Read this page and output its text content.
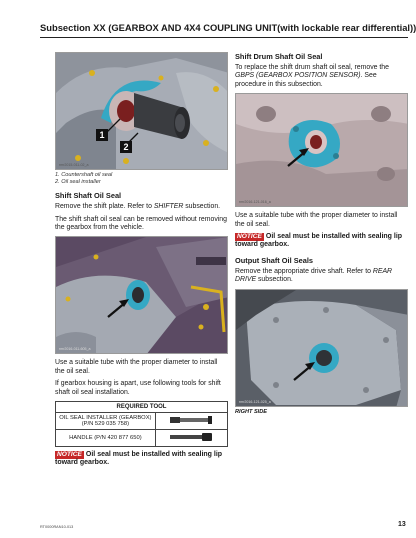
Subsection XX (GEARBOX AND 4X4 COUPLING UNIT(with lockable rear differential))
1
2
rmr2015-011-02_a
1. Countershaft oil seal
2. Oil seal installer
Shift Shaft Oil Seal
Remove the shift plate. Refer to SHIFTER subsection.
The shift shaft oil seal can be removed without removing the gearbox from the vehicle.
rmr2016-011-605_a
Use a suitable tube with the proper diameter to install the oil seal.
If gearbox housing is apart, use following tools for shift shaft oil seal installation.
REQUIRED TOOL	
OIL SEAL INSTALLER (GEARBOX) (P/N 529 035 758)	
HANDLE (P/N 420 877 650)	
NOTICE Oil seal must be installed with sealing lip toward gearbox.
Shift Drum Shaft Oil Seal
To replace the shift drum shaft oil seal, remove the GBPS (GEARBOX POSITION SENSOR). See procedure in this subsection.
rmr2016-121-016_a
Use a suitable tube with the proper diameter to install the oil seal.
NOTICE Oil seal must be installed with sealing lip toward gearbox.
Output Shaft Oil Seals
Remove the appropriate drive shaft. Refer to REAR DRIVE subsection.
rmr2016-121-025_a
RIGHT SIDE
RT0000RAN10-013	13
